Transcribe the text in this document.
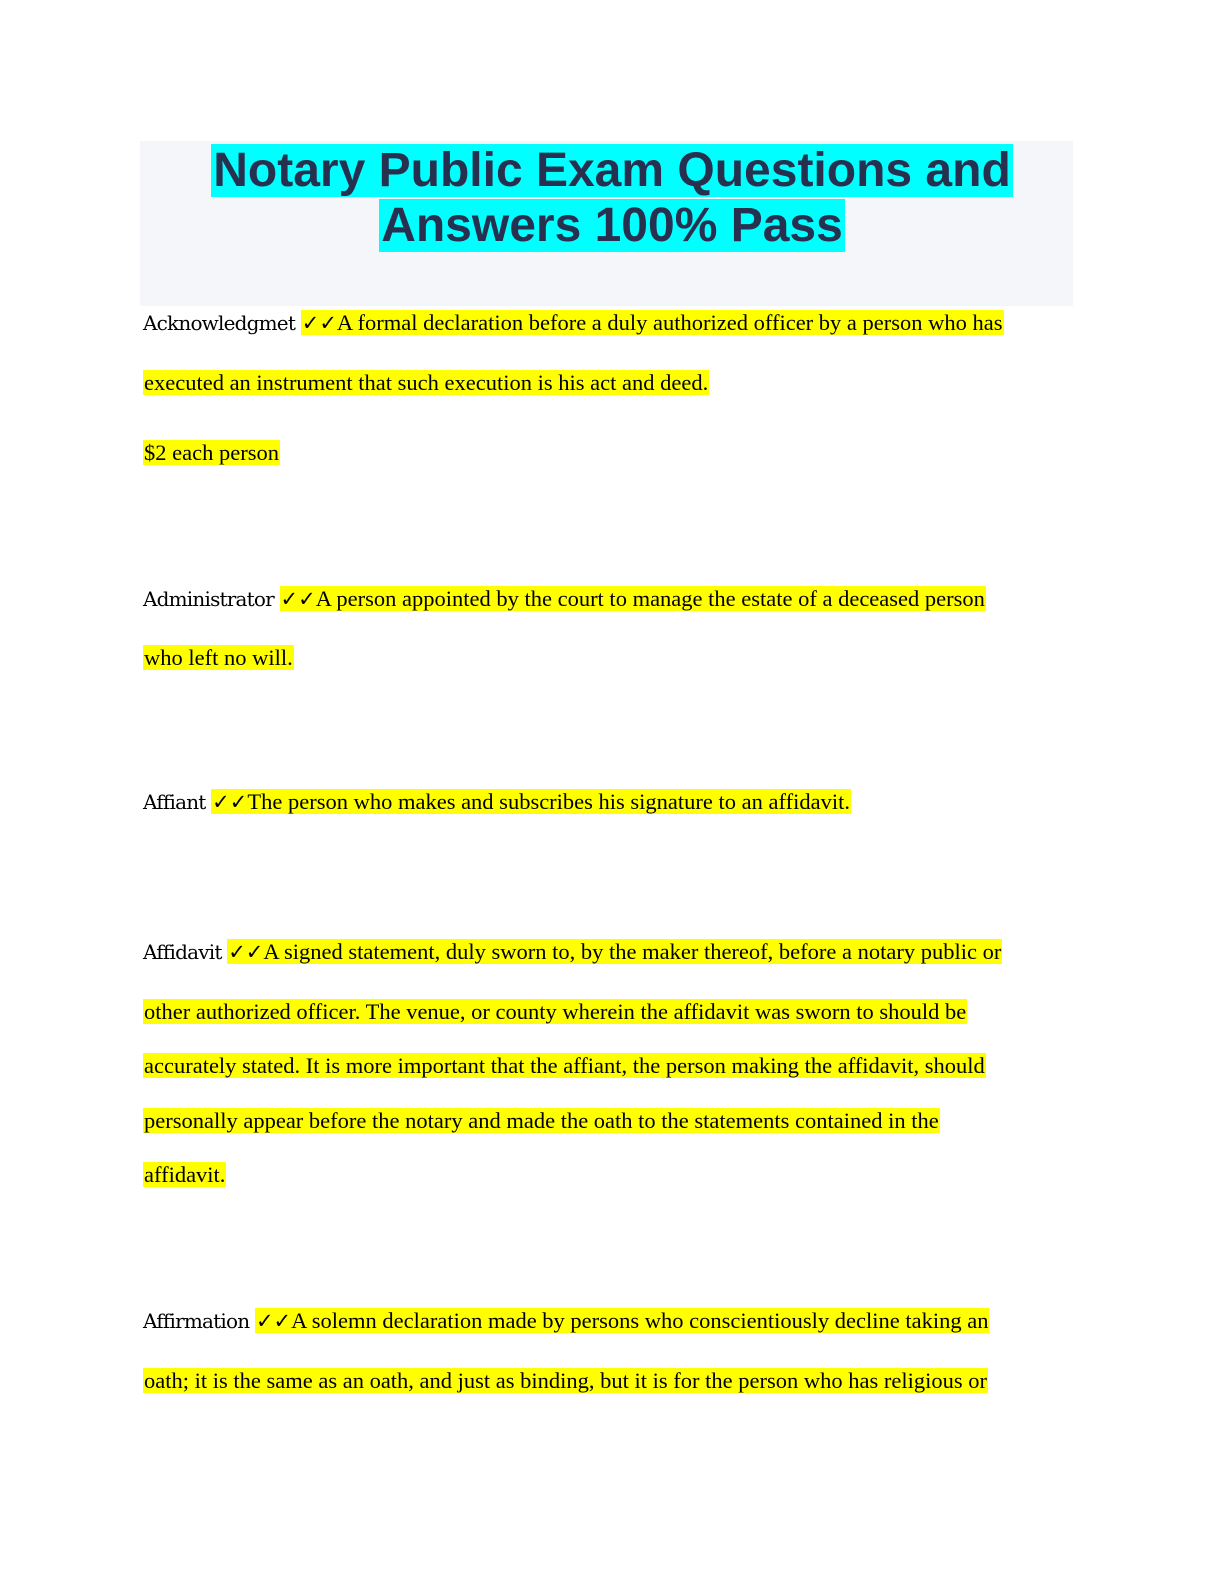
Notary Public Exam Questions and
Answers 100% Pass
Acknowledgmet ✓✓A formal declaration before a duly authorized officer by a person who has
executed an instrument that such execution is his act and deed.
$2 each person
Administrator ✓✓A person appointed by the court to manage the estate of a deceased person
who left no will.
Affiant ✓✓The person who makes and subscribes his signature to an affidavit.
Affidavit ✓✓A signed statement, duly sworn to, by the maker thereof, before a notary public or
other authorized officer. The venue, or county wherein the affidavit was sworn to should be
accurately stated. It is more important that the affiant, the person making the affidavit, should
personally appear before the notary and made the oath to the statements contained in the
affidavit.
Affirmation ✓✓A solemn declaration made by persons who conscientiously decline taking an
oath; it is the same as an oath, and just as binding, but it is for the person who has religious or
